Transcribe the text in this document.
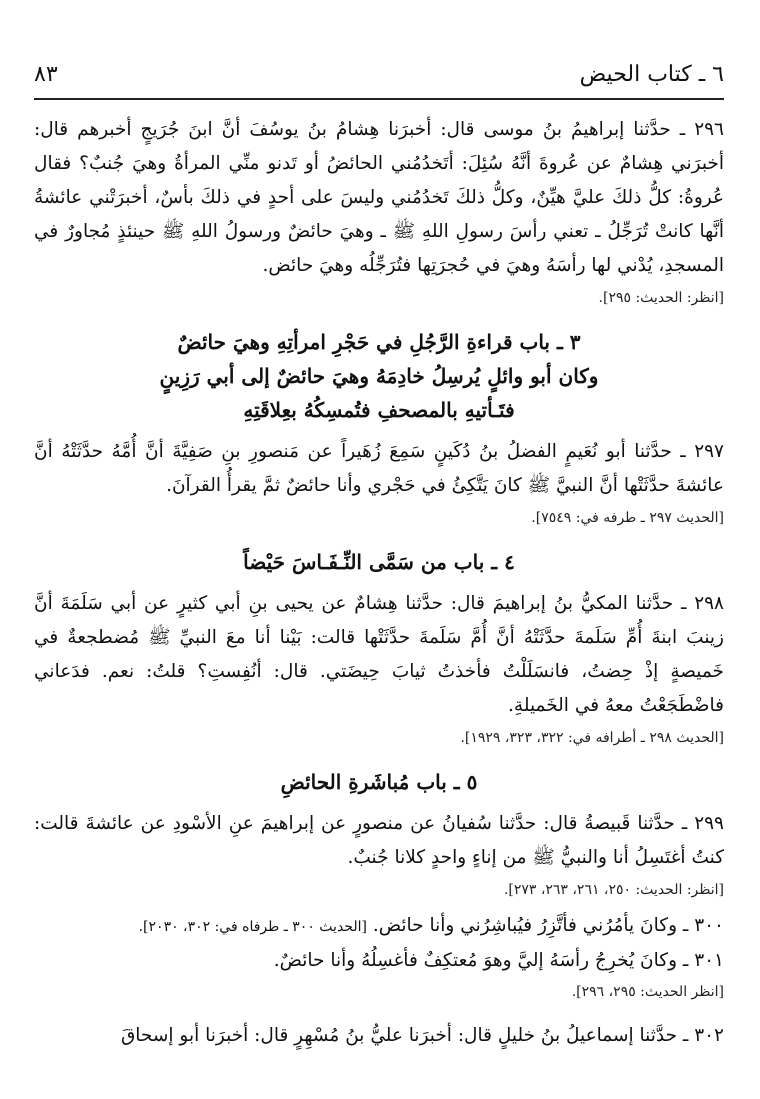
٦ ـ كتاب الحيض
٨٣

٢٩٦ ـ حدَّثنا إبراهيمُ بنُ موسى قال: أخبرَنا هِشامُ بنُ يوسُفَ أنَّ ابنَ جُرَيجٍ أخبرهم قال: أخبرَني هِشامٌ عن عُروةَ أنَّهُ سُئِلَ: أتَخدُمُني الحائضُ أو تَدنو منِّي المرأةُ وهيَ جُنبٌ؟ فقال عُروةُ: كلُّ ذلكَ عليَّ هيِّنٌ، وكلُّ ذلكَ تَخدُمُني وليسَ على أحدٍ في ذلكَ بأسٌ، أخبرَتْني عائشةُ أنَّها كانتْ تُرَجِّلُ ـ تعني رأسَ رسولِ اللهِ ﷺ ـ وهيَ حائضٌ ورسولُ اللهِ ﷺ حينئذٍ مُجاورٌ في المسجدِ، يُدْني لها رأسَهُ وهيَ في حُجرَتِها فتُرَجِّلُه وهيَ حائض.

[انظر: الحديث: ٢٩٥].
٣ ـ باب قراءةِ الرَّجُلِ في حَجْرِ امرأتِهِ وهيَ حائضٌ
وكان أبو وائلٍ يُرسِلُ خادِمَهُ وهيَ حائضٌ إلى أبي رَزِينٍ
فتَـأتيهِ بالمصحفِ فتُمسِكُهُ بعِلاقَتِهِ

٢٩٧ ـ حدَّثنا أبو نُعَيمٍ الفضلُ بنُ دُكَينٍ سَمِعَ زُهَيراً عن مَنصورِ بنِ صَفِيَّةَ أنَّ أُمَّهُ حدَّثَتْهُ أنَّ عائشةَ حدَّثَتْها أنَّ النبيَّ ﷺ كانَ يَتَّكِئُ في حَجْري وأنا حائضٌ ثمَّ يقرأُ القرآنَ.

[الحديث ٢٩٧ ـ طرفه في: ٧٥٤٩].
٤ ـ باب من سَمَّى النِّـفَـاسَ حَيْضاً

٢٩٨ ـ حدَّثنا المكيُّ بنُ إبراهيمَ قال: حدَّثنا هِشامٌ عن يحيى بنِ أبي كثيرٍ عن أبي سَلَمَةَ أنَّ زينبَ ابنةَ أُمِّ سَلَمةَ حدَّثَتْهُ أنَّ أُمَّ سَلَمةَ حدَّثَتْها قالت: بَيْنا أنا معَ النبيِّ ﷺ مُضطجعةٌ في خَميصةٍ إذْ حِضتُ، فانسَلَلْتُ فأخذتُ ثيابَ حِيضَتي. قال: أنُفِستِ؟ قلتُ: نعم. فدَعاني فاضْطَجَعْتُ معهُ في الخَميلةِ.

[الحديث ٢٩٨ ـ أطرافه في: ٣٢٢، ٣٢٣، ١٩٢٩].
٥ ـ باب مُباشَرةِ الحائضِ

٢٩٩ ـ حدَّثنا قَبيصةُ قال: حدَّثنا سُفيانُ عن منصورٍ عن إبراهيمَ عنِ الأسْودِ عن عائشةَ قالت: كنتُ أغتَسِلُ أنا والنبيُّ ﷺ من إناءٍ واحدٍ كلانا جُنبٌ.

[انظر: الحديث: ٢٥٠، ٢٦١، ٢٦٣، ٢٧٣].
٣٠٠ ـ وكانَ يأمُرُني فأتَّزِرُ فيُباشِرُني وأنا حائض. [الحديث ٣٠٠ ـ طرفاه في: ٣٠٢، ٢٠٣٠].
٣٠١ ـ وكانَ يُخرِجُ رأسَهُ إليَّ وهوَ مُعتكِفٌ فأغسِلُهُ وأنا حائضٌ.
[انظر الحديث: ٢٩٥، ٢٩٦].

٣٠٢ ـ حدَّثنا إسماعيلُ بنُ خليلٍ قال: أخبرَنا عليُّ بنُ مُسْهِرٍ قال: أخبرَنا أبو إسحاقَ
